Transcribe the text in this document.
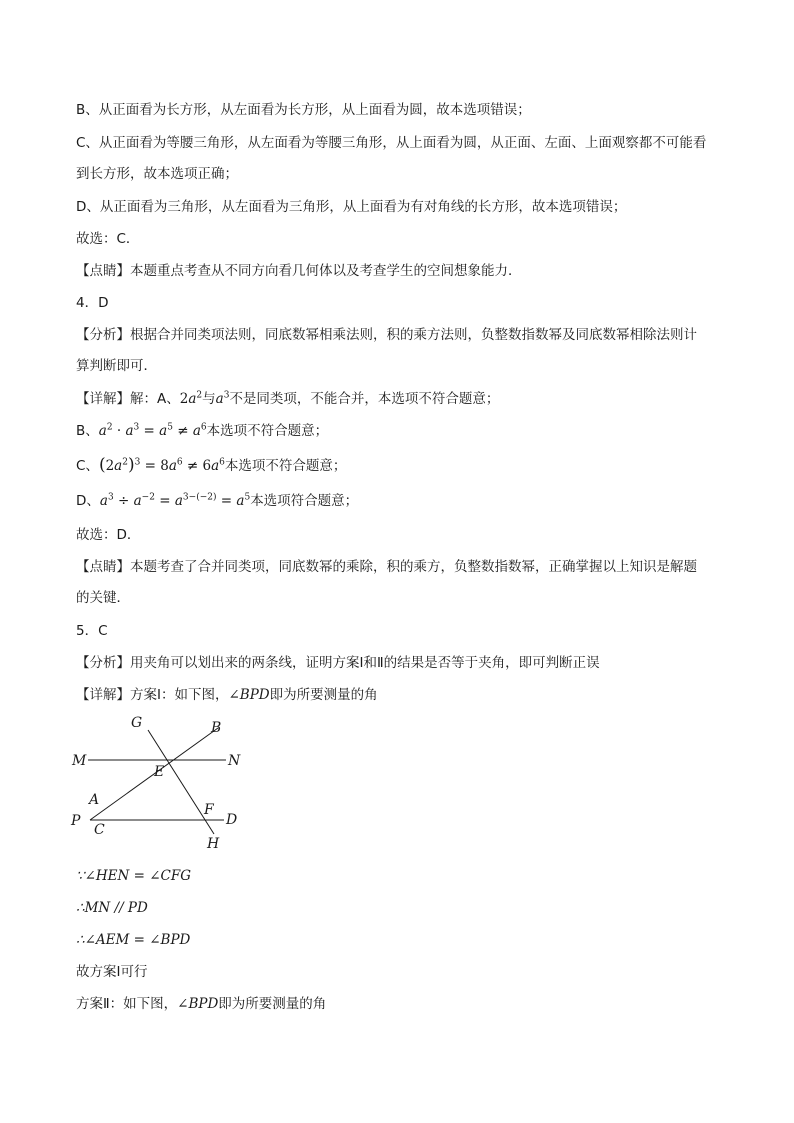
B、从正面看为长方形，从左面看为长方形，从上面看为圆，故本选项错误；
C、从正面看为等腰三角形，从左面看为等腰三角形，从上面看为圆，从正面、左面、上面观察都不可能看
到长方形，故本选项正确；
D、从正面看为三角形，从左面看为三角形，从上面看为有对角线的长方形，故本选项错误；
故选：C．
【点睛】本题重点考查从不同方向看几何体以及考查学生的空间想象能力．
4．D
【分析】根据合并同类项法则，同底数幂相乘法则，积的乘方法则，负整数指数幂及同底数幂相除法则计
算判断即可．
【详解】解：A、$2a^2$与$a^3$不是同类项，不能合并，本选项不符合题意；
B、$a^2 \cdot a^3 = a^5 \ne a^6$本选项不符合题意；
C、$(2a^2)^3 = 8a^6 \ne 6a^6$本选项不符合题意；
D、$a^3 \div a^{-2} = a^{3-(-2)} = a^5$本选项符合题意；
故选：D．
【点睛】本题考查了合并同类项，同底数幂的乘除，积的乘方，负整数指数幂，正确掌握以上知识是解题
的关键．
5．C
【分析】用夹角可以划出来的两条线，证明方案Ⅰ和Ⅱ的结果是否等于夹角，即可判断正误
【详解】方案Ⅰ：如下图，∠BPD即为所要测量的角
G	B
M	N
E
A
F
P
C
D
H
∵∠HEN = ∠CFG
∴MN // PD
∴∠AEM = ∠BPD
故方案Ⅰ可行
方案Ⅱ：如下图，∠BPD即为所要测量的角
